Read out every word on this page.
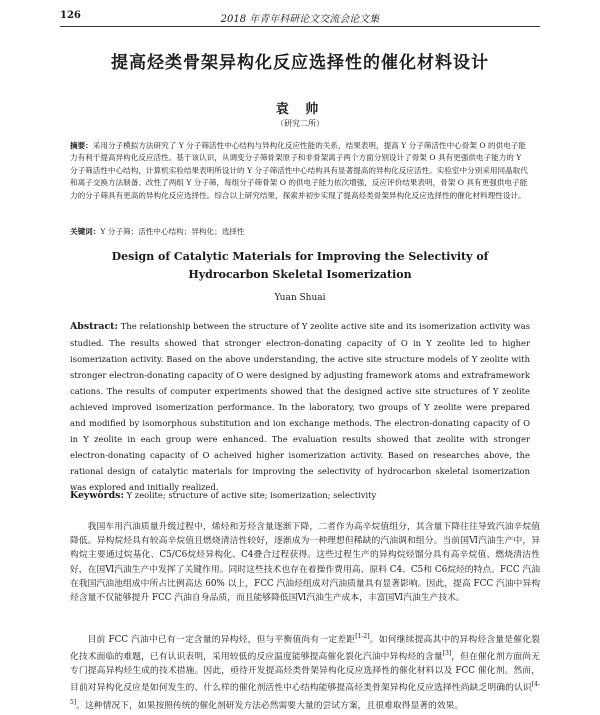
126	2018 年青年科研论文交流会论文集
提高烃类骨架异构化反应选择性的催化材料设计
袁 帅
（研究二所）
摘要：采用分子模拟方法研究了 Y 分子筛活性中心结构与异构化反应性能的关系，结果表明，提高 Y 分子筛活性中心骨架 O 的供电子能力有利于提高异构化反应活性。基于该认识，从调变分子筛骨架原子和非骨架离子两个方面分别设计了骨架 O 具有更强供电子能力的 Y 分子筛活性中心结构，计算机实验结果表明所设计的 Y 分子筛活性中心结构具有显著提高的异构化反应活性。实验室中分别采用同晶取代和离子交换方法制备、改性了两组 Y 分子筛，每组分子筛骨架 O 的供电子能力依次增强，反应评价结果表明，骨架 O 具有更强供电子能力的分子筛具有更高的异构化反应选择性。综合以上研究结果，探索并初步实现了提高烃类骨架异构化反应选择性的催化材料理性设计。
关键词：Y 分子筛；活性中心结构；异构化；选择性
Design of Catalytic Materials for Improving the Selectivity of Hydrocarbon Skeletal Isomerization
Yuan Shuai
Abstract: The relationship between the structure of Y zeolite active site and its isomerization activity was studied. The results showed that stronger electron-donating capacity of O in Y zeolite led to higher isomerization activity. Based on the above understanding, the active site structure models of Y zeolite with stronger electron-donating capacity of O were designed by adjusting framework atoms and extraframework cations. The results of computer experiments showed that the designed active site structures of Y zeolite achieved improved isomerization performance. In the laboratory, two groups of Y zeolite were prepared and modified by isomorphous substitution and ion exchange methods. The electron-donating capacity of O in Y zeolite in each group were enhanced. The evaluation results showed that zeolite with stronger electron-donating capacity of O acheived higher isomerization activity. Based on researches above, the rational design of catalytic materials for improving the selectivity of hydrocarbon skeletal isomerization was explored and initially realized.
Keywords: Y zeolite; structure of active site; isomerization; selectivity
我国车用汽油质量升级过程中，烯烃和芳烃含量逐渐下降，二者作为高辛烷值组分，其含量下降往往导致汽油辛烷值降低。异构烷烃具有较高辛烷值且燃烧清洁性较好，逐渐成为一种理想但稀缺的汽油调和组分。当前国Ⅵ汽油生产中，异构烷主要通过烷基化、C5/C6烷烃异构化、C4叠合过程获得。这些过程生产的异构烷烃馏分具有高辛烷值、燃烧清洁性好，在国Ⅵ汽油生产中发挥了关键作用。同时这些技术也存在着操作费用高、原料 C4、C5和 C6烷烃的特点。FCC 汽油在我国汽油池组成中所占比例高达 60% 以上，FCC 汽油烃组成对汽油质量具有显著影响。因此，提高 FCC 汽油中异构烃含量不仅能够提升 FCC 汽油自身品质，而且能够降低国Ⅵ汽油生产成本，丰富国Ⅵ汽油生产技术。
目前 FCC 汽油中已有一定含量的异构烃，但与平衡值尚有一定差距[1-2]。如何继续提高其中的异构烃含量是催化裂化技术面临的难题，已有认识表明，采用较低的反应温度能够提高催化裂化汽油中异构烃的含量[3]，但在催化剂方面尚无专门提高异构烃生成的技术措施。因此，亟待开发提高烃类骨架异构化反应选择性的催化材料以及 FCC 催化剂。然而，目前对异构化反应是如何发生的、什么样的催化剂活性中心结构能够提高烃类骨架异构化反应选择性尚缺乏明确的认识[4-5]。这种情况下，如果按照传统的催化剂研发方法必然需要大量的尝试方案，且很难取得显著的效果。
